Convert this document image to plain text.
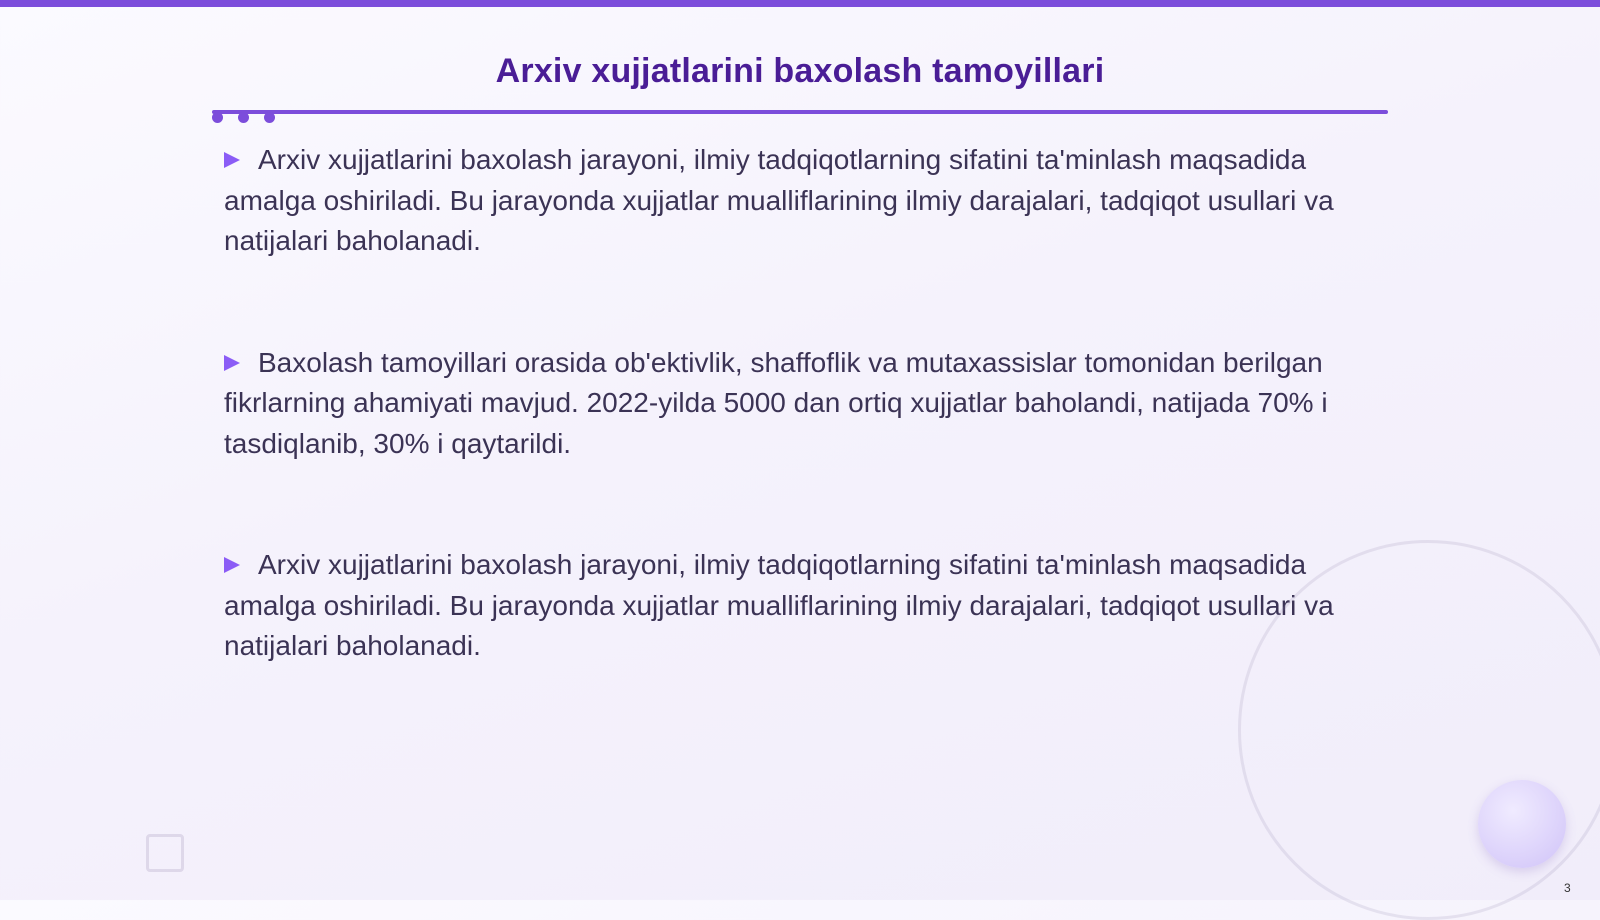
Arxiv xujjatlarini baxolash tamoyillari

Arxiv xujjatlarini baxolash jarayoni, ilmiy tadqiqotlarning sifatini ta'minlash maqsadida amalga oshiriladi. Bu jarayonda xujjatlar mualliflarining ilmiy darajalari, tadqiqot usullari va natijalari baholanadi.

Baxolash tamoyillari orasida ob'ektivlik, shaffoflik va mutaxassislar tomonidan berilgan fikrlarning ahamiyati mavjud. 2022-yilda 5000 dan ortiq xujjatlar baholandi, natijada 70% i tasdiqlanib, 30% i qaytarildi.

Arxiv xujjatlarini baxolash jarayoni, ilmiy tadqiqotlarning sifatini ta'minlash maqsadida amalga oshiriladi. Bu jarayonda xujjatlar mualliflarining ilmiy darajalari, tadqiqot usullari va natijalari baholanadi.

3
